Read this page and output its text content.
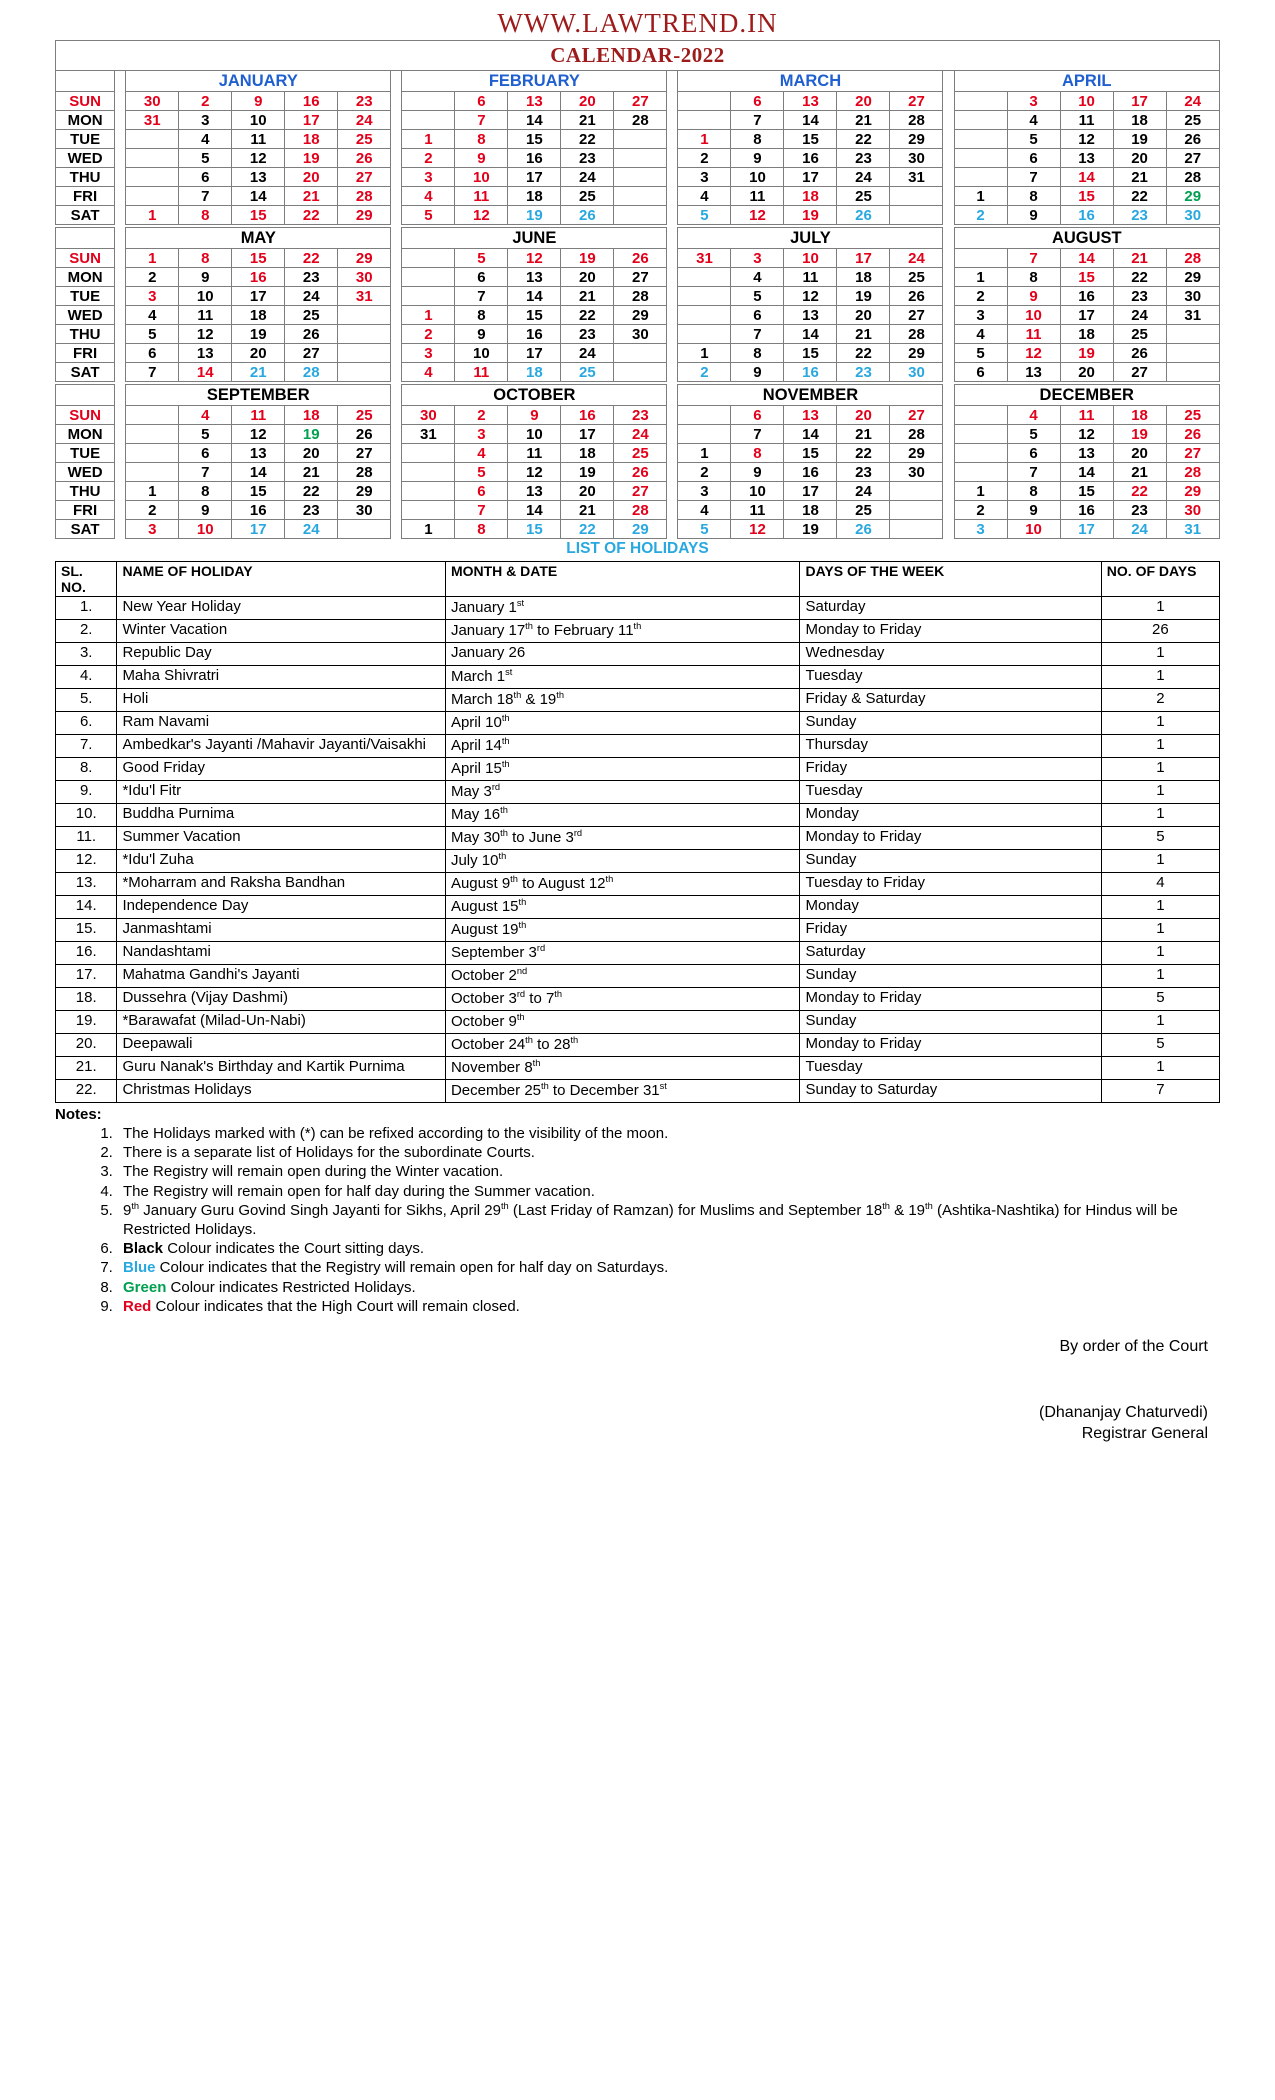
WWW.LAWTREND.IN
CALENDAR-2022																								
		JANUARY						FEBRUARY						MARCH						APRIL				
SUN		30	2	9	16	23			6	13	20	27			6	13	20	27			3	10	17	24
MON		31	3	10	17	24			7	14	21	28			7	14	21	28			4	11	18	25
TUE			4	11	18	25		1	8	15	22			1	8	15	22	29			5	12	19	26
WED			5	12	19	26		2	9	16	23			2	9	16	23	30			6	13	20	27
THU			6	13	20	27		3	10	17	24			3	10	17	24	31			7	14	21	28
FRI			7	14	21	28		4	11	18	25			4	11	18	25			1	8	15	22	29
SAT		1	8	15	22	29		5	12	19	26			5	12	19	26			2	9	16	23	30

		MAY						JUNE						JULY						AUGUST				
SUN		1	8	15	22	29			5	12	19	26		31	3	10	17	24			7	14	21	28
MON		2	9	16	23	30			6	13	20	27			4	11	18	25		1	8	15	22	29
TUE		3	10	17	24	31			7	14	21	28			5	12	19	26		2	9	16	23	30
WED		4	11	18	25			1	8	15	22	29			6	13	20	27		3	10	17	24	31
THU		5	12	19	26			2	9	16	23	30			7	14	21	28		4	11	18	25	
FRI		6	13	20	27			3	10	17	24			1	8	15	22	29		5	12	19	26	
SAT		7	14	21	28			4	11	18	25			2	9	16	23	30		6	13	20	27	

		SEPTEMBER						OCTOBER						NOVEMBER						DECEMBER				
SUN			4	11	18	25		30	2	9	16	23			6	13	20	27			4	11	18	25
MON			5	12	19	26		31	3	10	17	24			7	14	21	28			5	12	19	26
TUE			6	13	20	27			4	11	18	25		1	8	15	22	29			6	13	20	27
WED			7	14	21	28			5	12	19	26		2	9	16	23	30			7	14	21	28
THU		1	8	15	22	29			6	13	20	27		3	10	17	24			1	8	15	22	29
FRI		2	9	16	23	30			7	14	21	28		4	11	18	25			2	9	16	23	30
SAT		3	10	17	24			1	8	15	22	29		5	12	19	26			3	10	17	24	31
LIST OF HOLIDAYS
SL. NO.	NAME OF HOLIDAY	MONTH & DATE	DAYS OF THE WEEK	NO. OF DAYS
1.	New Year Holiday	January 1st	Saturday	1
2.	Winter Vacation	January 17th to February 11th	Monday to Friday	26
3.	Republic Day	January 26	Wednesday	1
4.	Maha Shivratri	March 1st	Tuesday	1
5.	Holi	March 18th & 19th	Friday & Saturday	2
6.	Ram Navami	April 10th	Sunday	1
7.	Ambedkar's Jayanti /Mahavir Jayanti/Vaisakhi	April 14th	Thursday	1
8.	Good Friday	April 15th	Friday	1
9.	*Idu'l Fitr	May 3rd	Tuesday	1
10.	Buddha Purnima	May 16th	Monday	1
11.	Summer Vacation	May 30th to June 3rd	Monday to Friday	5
12.	*Idu'l Zuha	July 10th	Sunday	1
13.	*Moharram and Raksha Bandhan	August 9th to August 12th	Tuesday to Friday	4
14.	Independence Day	August 15th	Monday	1
15.	Janmashtami	August 19th	Friday	1
16.	Nandashtami	September 3rd	Saturday	1
17.	Mahatma Gandhi's Jayanti	October 2nd	Sunday	1
18.	Dussehra (Vijay Dashmi)	October 3rd to 7th	Monday to Friday	5
19.	*Barawafat (Milad-Un-Nabi)	October 9th	Sunday	1
20.	Deepawali	October 24th to 28th	Monday to Friday	5
21.	Guru Nanak's Birthday and Kartik Purnima	November 8th	Tuesday	1
22.	Christmas Holidays	December 25th to December 31st	Sunday to Saturday	7
Notes:
1. The Holidays marked with (*) can be refixed according to the visibility of the moon.
2. There is a separate list of Holidays for the subordinate Courts.
3. The Registry will remain open during the Winter vacation.
4. The Registry will remain open for half day during the Summer vacation.
5. 9th January Guru Govind Singh Jayanti for Sikhs, April 29th (Last Friday of Ramzan) for Muslims and September 18th & 19th (Ashtika-Nashtika) for Hindus will be Restricted Holidays.
6. Black Colour indicates the Court sitting days.
7. Blue Colour indicates that the Registry will remain open for half day on Saturdays.
8. Green Colour indicates Restricted Holidays.
9. Red Colour indicates that the High Court will remain closed.
By order of the Court
(Dhananjay Chaturvedi)
Registrar General
